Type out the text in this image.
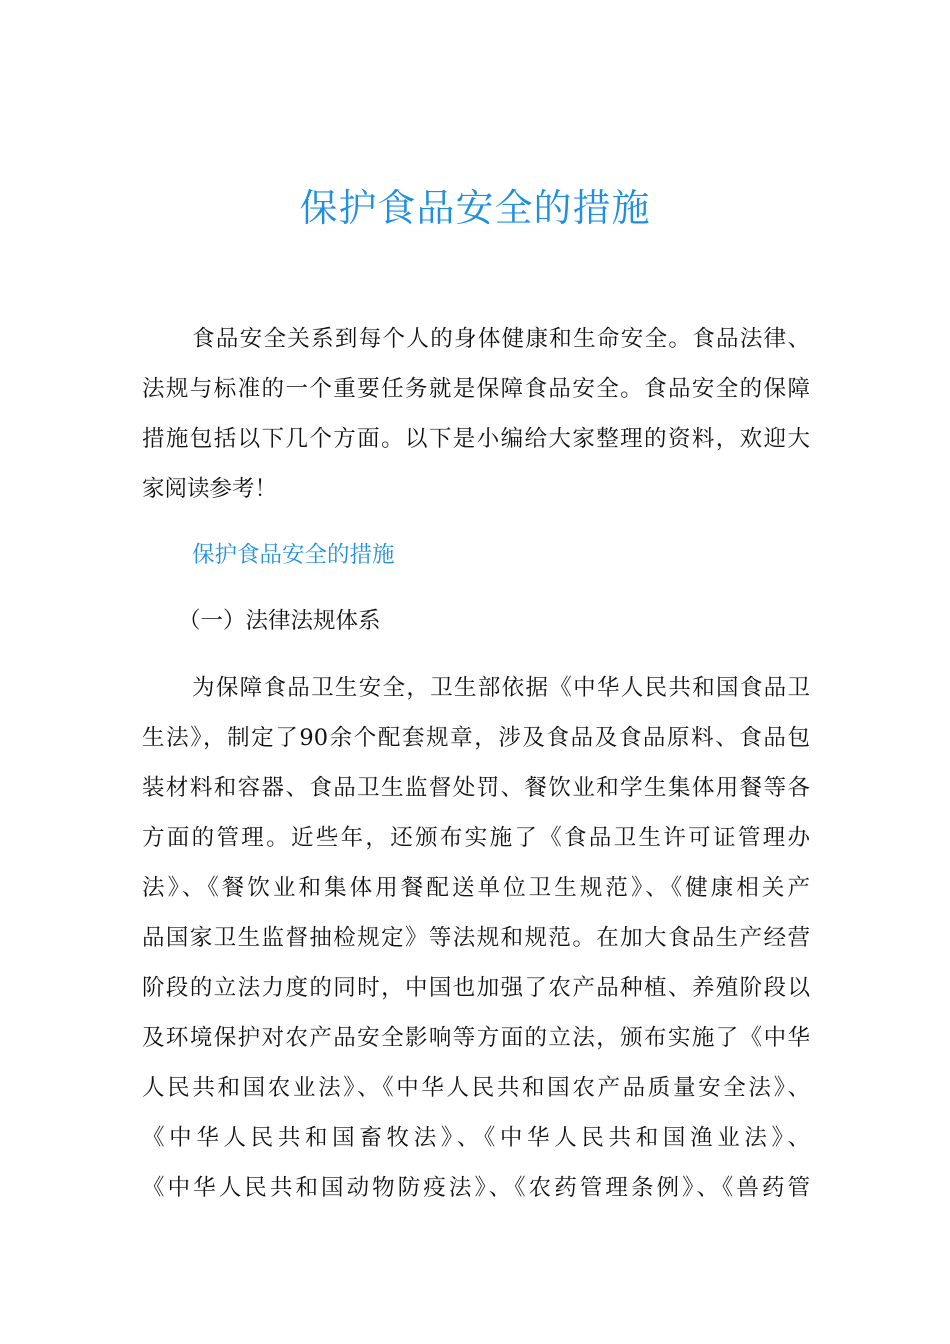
保护食品安全的措施
食品安全关系到每个人的身体健康和生命安全。食品法律、
法规与标准的一个重要任务就是保障食品安全。食品安全的保障
措施包括以下几个方面。以下是小编给大家整理的资料，欢迎大
家阅读参考！
保护食品安全的措施
（一）法律法规体系
为保障食品卫生安全，卫生部依据《中华人民共和国食品卫
生法》，制定了90余个配套规章，涉及食品及食品原料、食品包
装材料和容器、食品卫生监督处罚、餐饮业和学生集体用餐等各
方面的管理。近些年，还颁布实施了《食品卫生许可证管理办
法》、《餐饮业和集体用餐配送单位卫生规范》、《健康相关产
品国家卫生监督抽检规定》等法规和规范。在加大食品生产经营
阶段的立法力度的同时，中国也加强了农产品种植、养殖阶段以
及环境保护对农产品安全影响等方面的立法，颁布实施了《中华
人民共和国农业法》、《中华人民共和国农产品质量安全法》、
《中华人民共和国畜牧法》、《中华人民共和国渔业法》、
《中华人民共和国动物防疫法》、《农药管理条例》、《兽药管
